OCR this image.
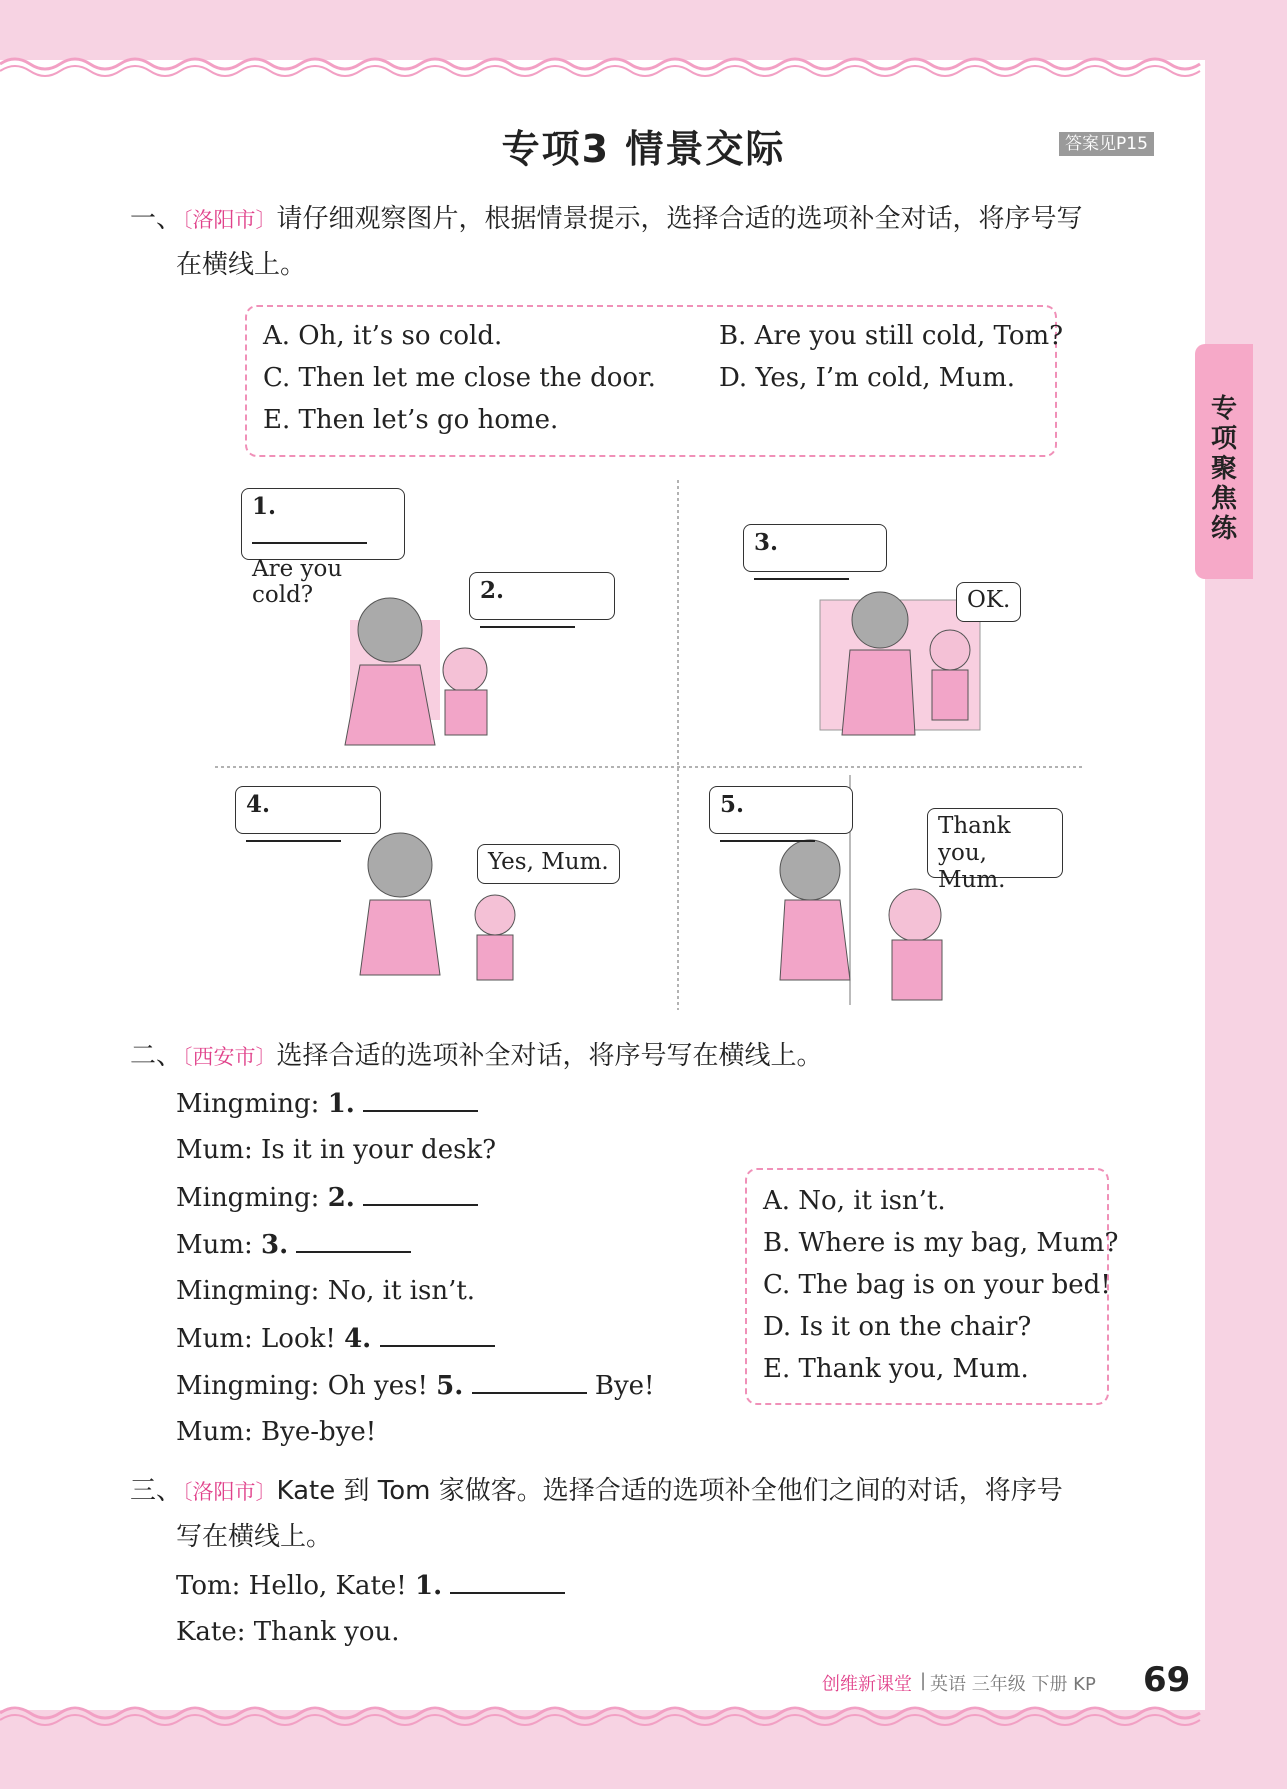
专项聚焦练
专项3 情景交际	答案见P15
一、〔洛阳市〕请仔细观察图片，根据情景提示，选择合适的选项补全对话，将序号写
在横线上。
A. Oh, it’s so cold.	B. Are you still cold, Tom?
C. Then let me close the door. D. Yes, I’m cold, Mum.
E. Then let’s go home.
1.
Are you cold?	2.
3.
OK.
4.
Yes, Mum.
5.
Thank you,
Mum.
二、〔西安市〕选择合适的选项补全对话，将序号写在横线上。
Mingming: 1.
Mum: Is it in your desk?
Mingming: 2.
Mum: 3.
Mingming: No, it isn’t.
Mum: Look! 4.
Mingming: Oh yes! 5.	Bye!
Mum: Bye-bye!
A. No, it isn’t.
B. Where is my bag, Mum?
C. The bag is on your bed!
D. Is it on the chair?
E. Thank you, Mum.
三、〔洛阳市〕Kate 到 Tom 家做客。选择合适的选项补全他们之间的对话，将序号
写在横线上。
Tom: Hello, Kate! 1.
Kate: Thank you.
创维新课堂 | 英语 三年级 下册 KP 69
